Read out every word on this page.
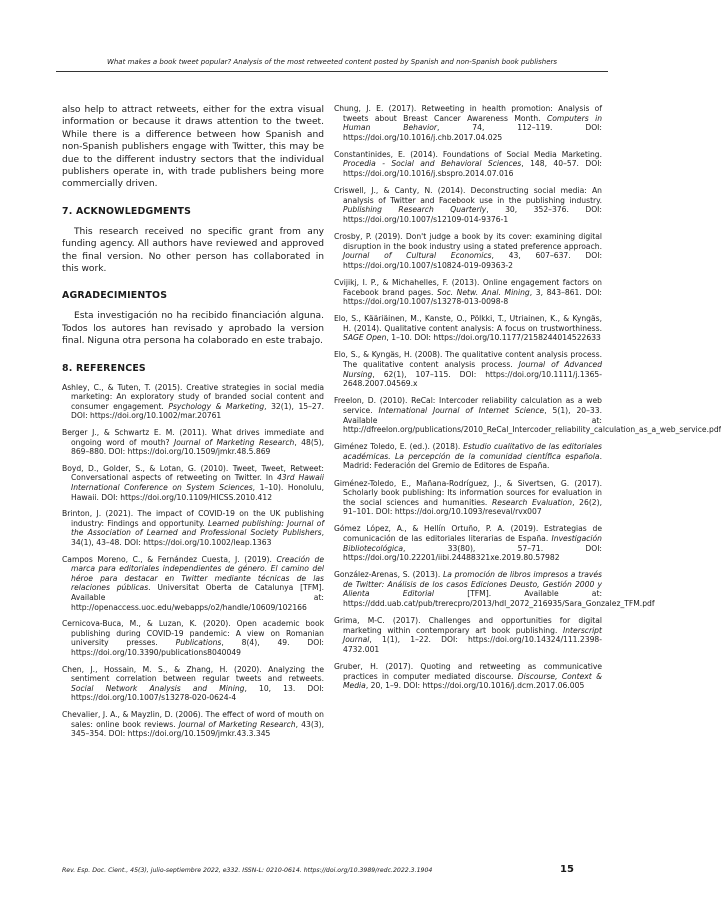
What makes a book tweet popular? Analysis of the most retweeted content posted by Spanish and non-Spanish book publishers

also help to attract retweets, either for the extra visual information or because it draws attention to the tweet. While there is a difference between how Spanish and non-Spanish publishers engage with Twitter, this may be due to the different industry sectors that the individual publishers operate in, with trade publishers being more commercially driven.

7. ACKNOWLEDGMENTS

This research received no specific grant from any funding agency. All authors have reviewed and approved the final version. No other person has collaborated in this work.

AGRADECIMIENTOS

Esta investigación no ha recibido financiación alguna. Todos los autores han revisado y aprobado la version final. Niguna otra persona ha colaborado en este trabajo.

8. REFERENCES

Ashley, C., & Tuten, T. (2015). Creative strategies in social media marketing: An exploratory study of branded social content and consumer engagement. Psychology & Marketing, 32(1), 15–27. DOI: https://doi.org/10.1002/mar.20761

Berger J., & Schwartz E. M. (2011). What drives immediate and ongoing word of mouth? Journal of Marketing Research, 48(5), 869–880. DOI: https://doi.org/10.1509/jmkr.48.5.869

Boyd, D., Golder, S., & Lotan, G. (2010). Tweet, Tweet, Retweet: Conversational aspects of retweeting on Twitter. In 43rd Hawaii International Conference on System Sciences, 1–10). Honolulu, Hawaii. DOI: https://doi.org/10.1109/HICSS.2010.412

Brinton, J. (2021). The impact of COVID-19 on the UK publishing industry: Findings and opportunity. Learned publishing: Journal of the Association of Learned and Professional Society Publishers, 34(1), 43–48. DOI: https://doi.org/10.1002/leap.1363

Campos Moreno, C., & Fernández Cuesta, J. (2019). Creación de marca para editoriales independientes de género. El camino del héroe para destacar en Twitter mediante técnicas de las relaciones públicas. Universitat Oberta de Catalunya [TFM]. Available at: http://openaccess.uoc.edu/webapps/o2/handle/10609/102166

Cernicova-Buca, M., & Luzan, K. (2020). Open academic book publishing during COVID-19 pandemic: A view on Romanian university presses. Publications, 8(4), 49. DOI: https://doi.org/10.3390/publications8040049

Chen, J., Hossain, M. S., & Zhang, H. (2020). Analyzing the sentiment correlation between regular tweets and retweets. Social Network Analysis and Mining, 10, 13. DOI: https://doi.org/10.1007/s13278-020-0624-4

Chevalier, J. A., & Mayzlin, D. (2006). The effect of word of mouth on sales: online book reviews. Journal of Marketing Research, 43(3), 345–354. DOI: https://doi.org/10.1509/jmkr.43.3.345

Chung, J. E. (2017). Retweeting in health promotion: Analysis of tweets about Breast Cancer Awareness Month. Computers in Human Behavior, 74, 112–119. DOI: https://doi.org/10.1016/j.chb.2017.04.025

Constantinides, E. (2014). Foundations of Social Media Marketing. Procedia - Social and Behavioral Sciences, 148, 40–57. DOI: https://doi.org/10.1016/j.sbspro.2014.07.016

Criswell, J., & Canty, N. (2014). Deconstructing social media: An analysis of Twitter and Facebook use in the publishing industry. Publishing Research Quarterly, 30, 352–376. DOI: https://doi.org/10.1007/s12109-014-9376-1

Crosby, P. (2019). Don't judge a book by its cover: examining digital disruption in the book industry using a stated preference approach. Journal of Cultural Economics, 43, 607–637. DOI: https://doi.org/10.1007/s10824-019-09363-2

Cvijikj, I. P., & Michahelles, F. (2013). Online engagement factors on Facebook brand pages. Soc. Netw. Anal. Mining, 3, 843–861. DOI: https://doi.org/10.1007/s13278-013-0098-8

Elo, S., Kääriäinen, M., Kanste, O., Pölkki, T., Utriainen, K., & Kyngäs, H. (2014). Qualitative content analysis: A focus on trustworthiness. SAGE Open, 1–10. DOI: https://doi.org/10.1177/2158244014522633

Elo, S., & Kyngäs, H. (2008). The qualitative content analysis process. The qualitative content analysis process. Journal of Advanced Nursing, 62(1), 107–115. DOI: https://doi.org/10.1111/j.1365-2648.2007.04569.x

Freelon, D. (2010). ReCal: Intercoder reliability calculation as a web service. International Journal of Internet Science, 5(1), 20–33. Available at: http://dfreelon.org/publications/2010_ReCal_Intercoder_reliability_calculation_as_a_web_service.pdf

Giménez Toledo, E. (ed.). (2018). Estudio cualitativo de las editoriales académicas. La percepción de la comunidad científica española. Madrid: Federación del Gremio de Editores de España.

Giménez-Toledo, E., Mañana-Rodríguez, J., & Sivertsen, G. (2017). Scholarly book publishing: Its information sources for evaluation in the social sciences and humanities. Research Evaluation, 26(2), 91–101. DOI: https://doi.org/10.1093/reseval/rvx007

Gómez López, A., & Hellín Ortuño, P. A. (2019). Estrategias de comunicación de las editoriales literarias de España. Investigación Bibliotecológica, 33(80), 57–71. DOI: https://doi.org/10.22201/iibi.24488321xe.2019.80.57982

González-Arenas, S. (2013). La promoción de libros impresos a través de Twitter: Análisis de los casos Ediciones Deusto, Gestión 2000 y Alienta Editorial [TFM]. Available at: https://ddd.uab.cat/pub/trerecpro/2013/hdl_2072_216935/Sara_Gonzalez_TFM.pdf

Grima, M-C. (2017). Challenges and opportunities for digital marketing within contemporary art book publishing. Interscript Journal, 1(1), 1–22. DOI: https://doi.org/10.14324/111.2398-4732.001

Gruber, H. (2017). Quoting and retweeting as communicative practices in computer mediated discourse. Discourse, Context & Media, 20, 1–9. DOI: https://doi.org/10.1016/j.dcm.2017.06.005

Rev. Esp. Doc. Cient., 45(3), julio-septiembre 2022, e332. ISSN-L: 0210-0614. https://doi.org/10.3989/redc.2022.3.1904	15
